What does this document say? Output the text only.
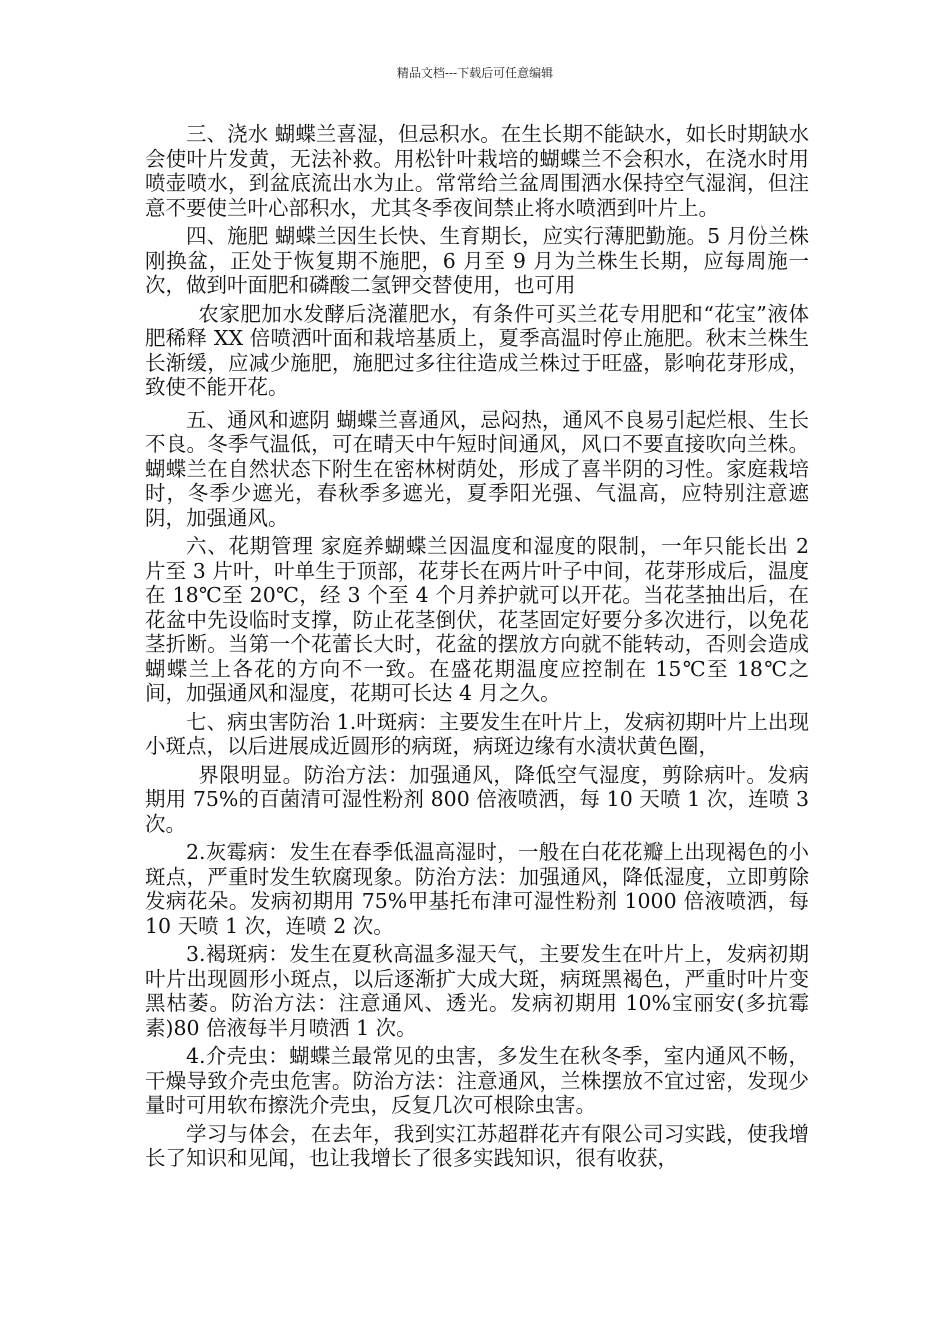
精品文档---下载后可任意编辑

三、浇水 蝴蝶兰喜湿，但忌积水。在生长期不能缺水，如长时期缺水会使叶片发黄，无法补救。用松针叶栽培的蝴蝶兰不会积水，在浇水时用喷壶喷水，到盆底流出水为止。常常给兰盆周围洒水保持空气湿润，但注意不要使兰叶心部积水，尤其冬季夜间禁止将水喷洒到叶片上。

四、施肥 蝴蝶兰因生长快、生育期长，应实行薄肥勤施。5 月份兰株刚换盆，正处于恢复期不施肥，6 月至 9 月为兰株生长期，应每周施一次，做到叶面肥和磷酸二氢钾交替使用，也可用

农家肥加水发酵后浇灌肥水，有条件可买兰花专用肥和“花宝”液体肥稀释 XX 倍喷洒叶面和栽培基质上，夏季高温时停止施肥。秋末兰株生长渐缓，应减少施肥，施肥过多往往造成兰株过于旺盛，影响花芽形成，致使不能开花。

五、通风和遮阴 蝴蝶兰喜通风，忌闷热，通风不良易引起烂根、生长不良。冬季气温低，可在晴天中午短时间通风，风口不要直接吹向兰株。蝴蝶兰在自然状态下附生在密林树荫处，形成了喜半阴的习性。家庭栽培时，冬季少遮光，春秋季多遮光，夏季阳光强、气温高，应特别注意遮阴，加强通风。

六、花期管理 家庭养蝴蝶兰因温度和湿度的限制，一年只能长出 2 片至 3 片叶，叶单生于顶部，花芽长在两片叶子中间，花芽形成后，温度在 18℃至 20℃，经 3 个至 4 个月养护就可以开花。当花茎抽出后，在花盆中先设临时支撑，防止花茎倒伏，花茎固定好要分多次进行，以免花茎折断。当第一个花蕾长大时，花盆的摆放方向就不能转动，否则会造成蝴蝶兰上各花的方向不一致。在盛花期温度应控制在 15℃至 18℃之间，加强通风和湿度，花期可长达 4 月之久。

七、病虫害防治 1.叶斑病：主要发生在叶片上，发病初期叶片上出现小斑点，以后进展成近圆形的病斑，病斑边缘有水渍状黄色圈，

界限明显。防治方法：加强通风，降低空气湿度，剪除病叶。发病期用 75%的百菌清可湿性粉剂 800 倍液喷洒，每 10 天喷 1 次，连喷 3 次。

2.灰霉病：发生在春季低温高湿时，一般在白花花瓣上出现褐色的小斑点，严重时发生软腐现象。防治方法：加强通风，降低湿度，立即剪除发病花朵。发病初期用 75%甲基托布津可湿性粉剂 1000 倍液喷洒，每 10 天喷 1 次，连喷 2 次。

3.褐斑病：发生在夏秋高温多湿天气，主要发生在叶片上，发病初期叶片出现圆形小斑点，以后逐渐扩大成大斑，病斑黑褐色，严重时叶片变黑枯萎。防治方法：注意通风、透光。发病初期用 10%宝丽安(多抗霉素)80 倍液每半月喷洒 1 次。

4.介壳虫：蝴蝶兰最常见的虫害，多发生在秋冬季，室内通风不畅，干燥导致介壳虫危害。防治方法：注意通风，兰株摆放不宜过密，发现少量时可用软布擦洗介壳虫，反复几次可根除虫害。

学习与体会，在去年，我到实江苏超群花卉有限公司习实践，使我增长了知识和见闻，也让我增长了很多实践知识，很有收获，
